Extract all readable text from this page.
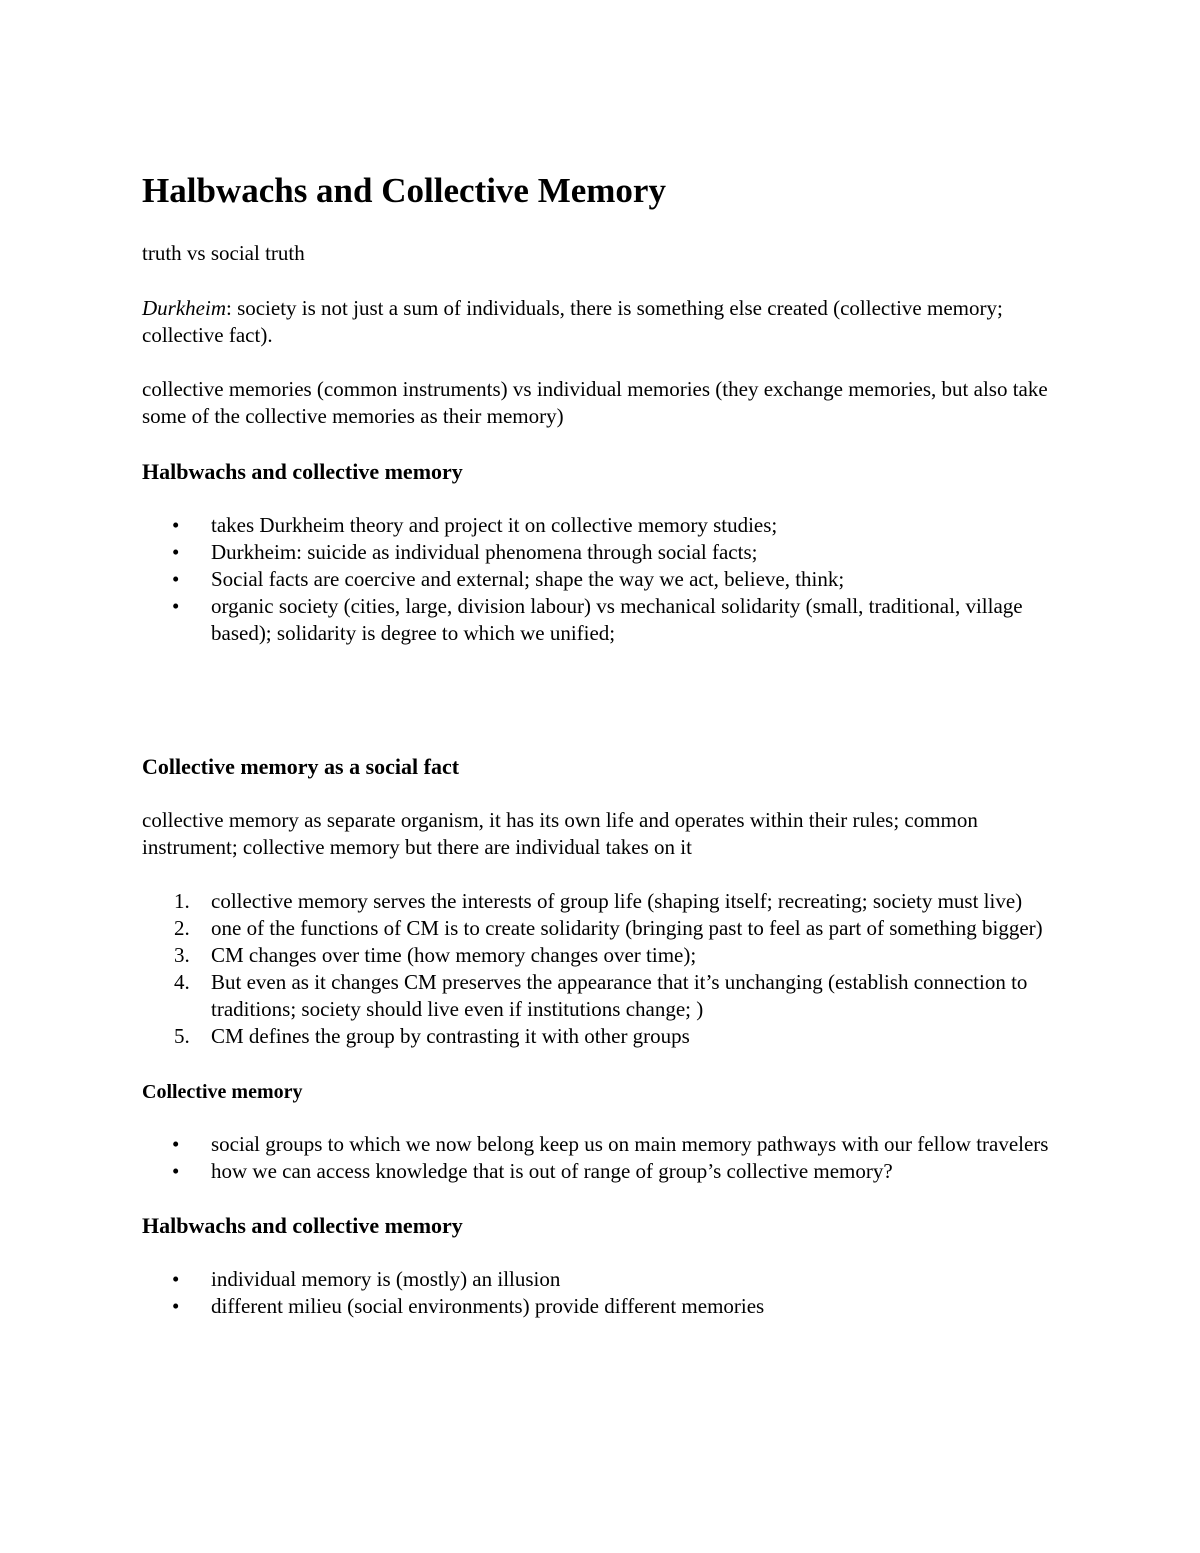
Halbwachs and Collective Memory

truth vs social truth

Durkheim: society is not just a sum of individuals, there is something else created (collective memory; collective fact).

collective memories (common instruments) vs individual memories (they exchange memories, but also take some of the collective memories as their memory)

Halbwachs and collective memory
• takes Durkheim theory and project it on collective memory studies;
• Durkheim: suicide as individual phenomena through social facts;
• Social facts are coercive and external; shape the way we act, believe, think;
• organic society (cities, large, division labour) vs mechanical solidarity (small, traditional, village based); solidarity is degree to which we unified;
Collective memory as a social fact

collective memory as separate organism, it has its own life and operates within their rules; common instrument; collective memory but there are individual takes on it

1. collective memory serves the interests of group life (shaping itself; recreating; society must live)
2. one of the functions of CM is to create solidarity (bringing past to feel as part of something bigger)
3. CM changes over time (how memory changes over time);
4. But even as it changes CM preserves the appearance that it’s unchanging (establish connection to traditions; society should live even if institutions change; )
5. CM defines the group by contrasting it with other groups
Collective memory
• social groups to which we now belong keep us on main memory pathways with our fellow travelers
• how we can access knowledge that is out of range of group’s collective memory?
Halbwachs and collective memory
• individual memory is (mostly) an illusion
• different milieu (social environments) provide different memories
